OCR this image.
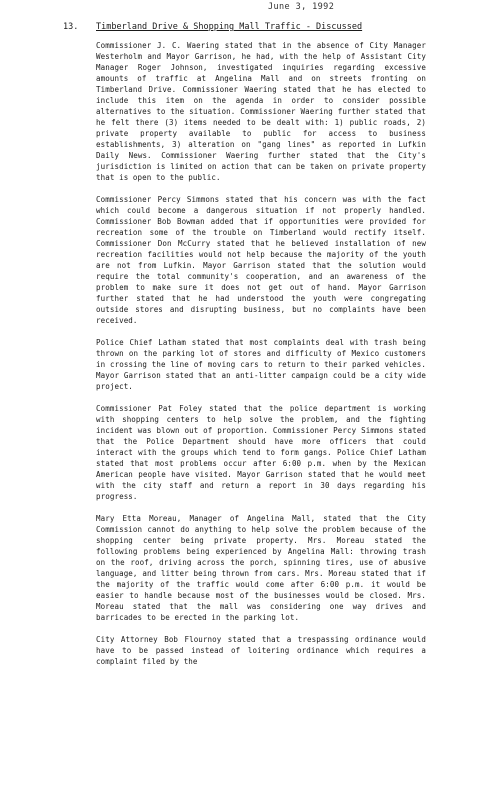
June 3, 1992
13. Timberland Drive & Shopping Mall Traffic - Discussed

Commissioner J. C. Waering stated that in the absence of City Manager Westerholm and Mayor Garrison, he had, with the help of Assistant City Manager Roger Johnson, investigated inquiries regarding excessive amounts of traffic at Angelina Mall and on streets fronting on Timberland Drive. Commissioner Waering stated that he has elected to include this item on the agenda in order to consider possible alternatives to the situation. Commissioner Waering further stated that he felt there (3) items needed to be dealt with: 1) public roads, 2) private property available to public for access to business establishments, 3) alteration on "gang lines" as reported in Lufkin Daily News. Commissioner Waering further stated that the City's jurisdiction is limited on action that can be taken on private property that is open to the public.

Commissioner Percy Simmons stated that his concern was with the fact which could become a dangerous situation if not properly handled. Commissioner Bob Bowman added that if opportunities were provided for recreation some of the trouble on Timberland would rectify itself. Commissioner Don McCurry stated that he believed installation of new recreation facilities would not help because the majority of the youth are not from Lufkin. Mayor Garrison stated that the solution would require the total community's cooperation, and an awareness of the problem to make sure it does not get out of hand. Mayor Garrison further stated that he had understood the youth were congregating outside stores and disrupting business, but no complaints have been received.

Police Chief Latham stated that most complaints deal with trash being thrown on the parking lot of stores and difficulty of Mexico customers in crossing the line of moving cars to return to their parked vehicles. Mayor Garrison stated that an anti-litter campaign could be a city wide project.

Commissioner Pat Foley stated that the police department is working with shopping centers to help solve the problem, and the fighting incident was blown out of proportion. Commissioner Percy Simmons stated that the Police Department should have more officers that could interact with the groups which tend to form gangs. Police Chief Latham stated that most problems occur after 6:00 p.m. when by the Mexican American people have visited. Mayor Garrison stated that he would meet with the city staff and return a report in 30 days regarding his progress.

Mary Etta Moreau, Manager of Angelina Mall, stated that the City Commission cannot do anything to help solve the problem because of the shopping center being private property. Mrs. Moreau stated the following problems being experienced by Angelina Mall: throwing trash on the roof, driving across the porch, spinning tires, use of abusive language, and litter being thrown from cars. Mrs. Moreau stated that if the majority of the traffic would come after 6:00 p.m. it would be easier to handle because most of the businesses would be closed. Mrs. Moreau stated that the mall was considering one way drives and barricades to be erected in the parking lot.

City Attorney Bob Flournoy stated that a trespassing ordinance would have to be passed instead of loitering ordinance which requires a complaint filed by the
